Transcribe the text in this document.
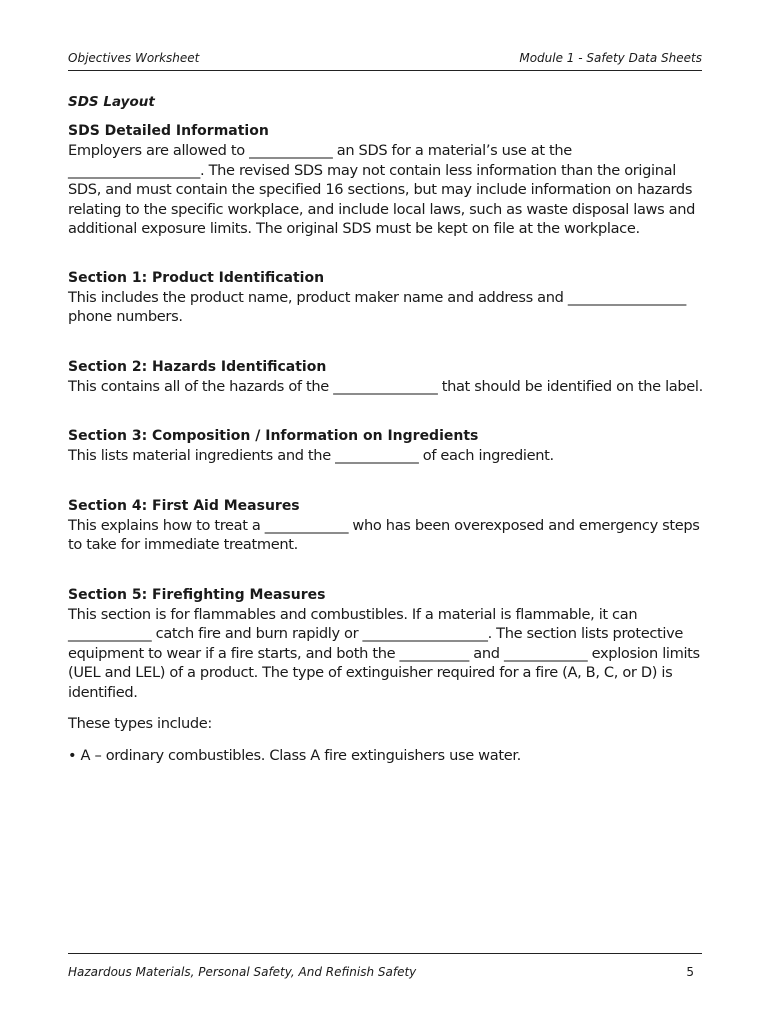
Objectives Worksheet	Module 1 - Safety Data Sheets

SDS Layout

SDS Detailed Information

Employers are allowed to ____________ an SDS for a material’s use at the ___________________. The revised SDS may not contain less information than the original SDS, and must contain the specified 16 sections, but may include information on hazards relating to the specific workplace, and include local laws, such as waste disposal laws and additional exposure limits. The original SDS must be kept on file at the workplace.

Section 1: Product Identification

This includes the product name, product maker name and address and _________________ phone numbers.

Section 2: Hazards Identification

This contains all of the hazards of the _______________ that should be identified on the label.

Section 3: Composition / Information on Ingredients

This lists material ingredients and the ____________ of each ingredient.

Section 4: First Aid Measures

This explains how to treat a ____________ who has been overexposed and emergency steps to take for immediate treatment.

Section 5: Firefighting Measures

This section is for flammables and combustibles. If a material is flammable, it can ____________ catch fire and burn rapidly or __________________. The section lists protective equipment to wear if a fire starts, and both the __________ and ____________ explosion limits (UEL and LEL) of a product. The type of extinguisher required for a fire (A, B, C, or D) is identified.

These types include:

• A – ordinary combustibles. Class A fire extinguishers use water.

Hazardous Materials, Personal Safety, And Refinish Safety	5
